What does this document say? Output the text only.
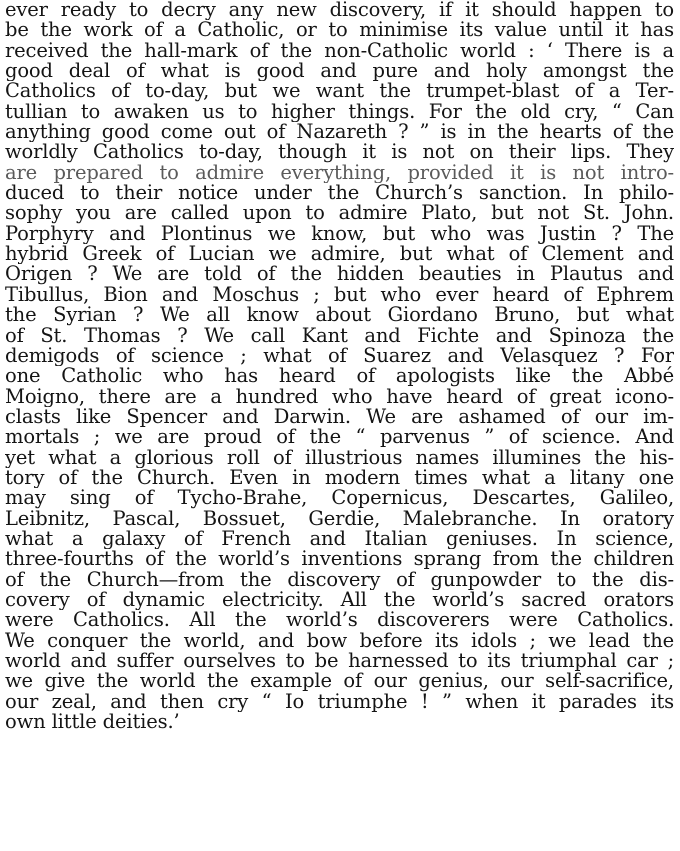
ever ready to decry any new discovery, if it should happen to
be the work of a Catholic, or to minimise its value until it has
received the hall-mark of the non-Catholic world : ‘ There is a
good deal of what is good and pure and holy amongst the
Catholics of to-day, but we want the trumpet-blast of a Ter-
tullian to awaken us to higher things. For the old cry, “ Can
anything good come out of Nazareth ? ” is in the hearts of the
worldly Catholics to-day, though it is not on their lips. They
are prepared to admire everything, provided it is not intro-
duced to their notice under the Church’s sanction. In philo-
sophy you are called upon to admire Plato, but not St. John.
Porphyry and Plontinus we know, but who was Justin ? The
hybrid Greek of Lucian we admire, but what of Clement and
Origen ? We are told of the hidden beauties in Plautus and
Tibullus, Bion and Moschus ; but who ever heard of Ephrem
the Syrian ? We all know about Giordano Bruno, but what
of St. Thomas ? We call Kant and Fichte and Spinoza the
demigods of science ; what of Suarez and Velasquez ? For
one Catholic who has heard of apologists like the Abbé
Moigno, there are a hundred who have heard of great icono-
clasts like Spencer and Darwin. We are ashamed of our im-
mortals ; we are proud of the “ parvenus ” of science. And
yet what a glorious roll of illustrious names illumines the his-
tory of the Church. Even in modern times what a litany one
may sing of Tycho-Brahe, Copernicus, Descartes, Galileo,
Leibnitz, Pascal, Bossuet, Gerdie, Malebranche. In oratory
what a galaxy of French and Italian geniuses. In science,
three-fourths of the world’s inventions sprang from the children
of the Church—from the discovery of gunpowder to the dis-
covery of dynamic electricity. All the world’s sacred orators
were Catholics. All the world’s discoverers were Catholics.
We conquer the world, and bow before its idols ; we lead the
world and suffer ourselves to be harnessed to its triumphal car ;
we give the world the example of our genius, our self-sacrifice,
our zeal, and then cry “ Io triumphe ! ” when it parades its
own little deities.’
